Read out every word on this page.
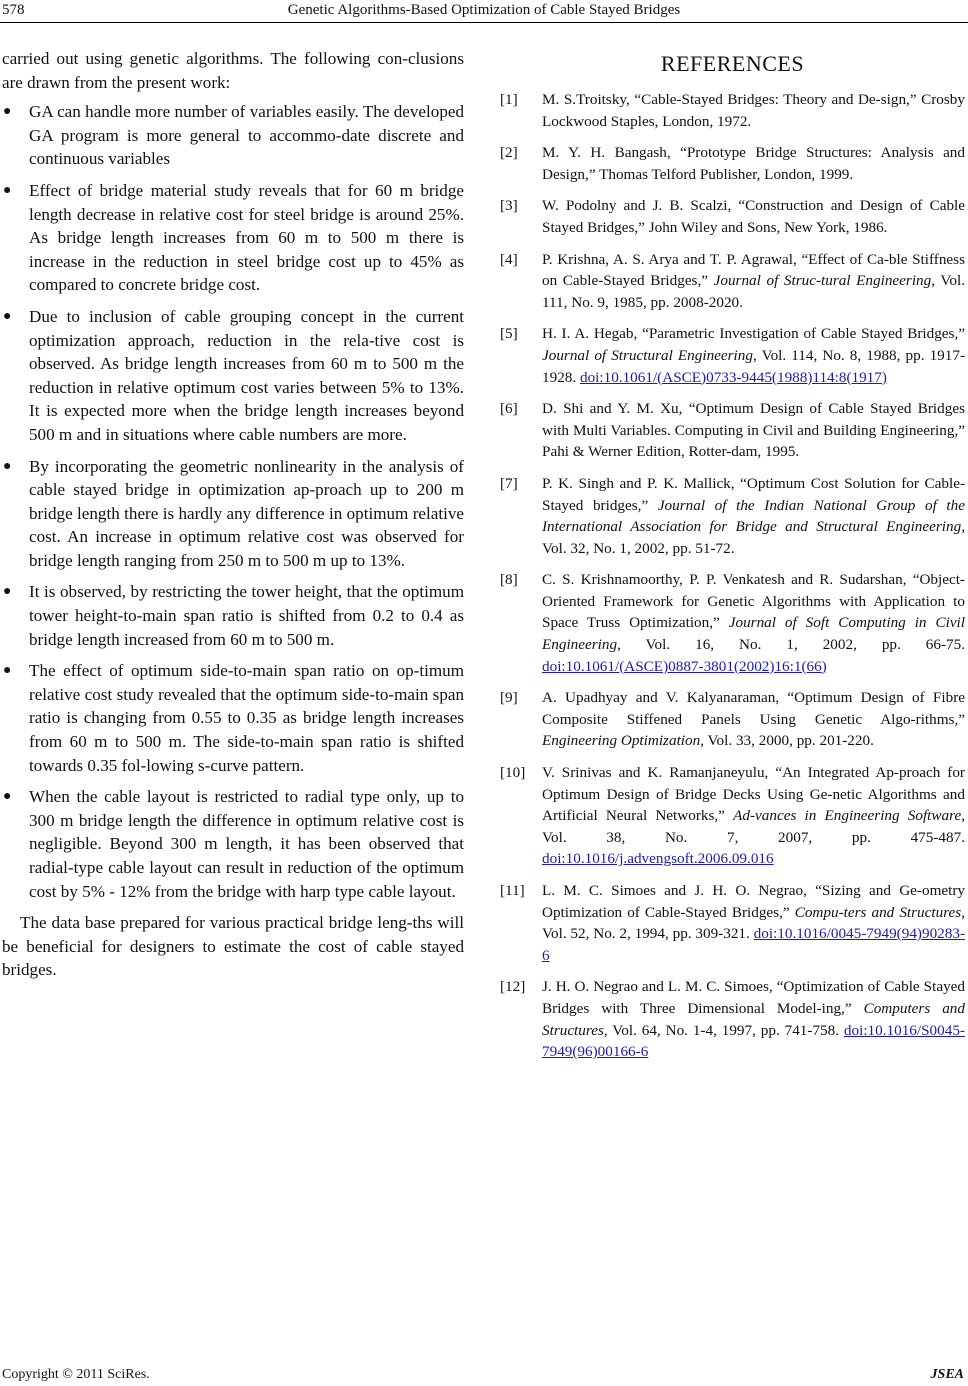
578	Genetic Algorithms-Based Optimization of Cable Stayed Bridges

carried out using genetic algorithms. The following con-clusions are drawn from the present work:

● GA can handle more number of variables easily. The developed GA program is more general to accommo-date discrete and continuous variables
● Effect of bridge material study reveals that for 60 m bridge length decrease in relative cost for steel bridge is around 25%. As bridge length increases from 60 m to 500 m there is increase in the reduction in steel bridge cost up to 45% as compared to concrete bridge cost.
● Due to inclusion of cable grouping concept in the current optimization approach, reduction in the rela-tive cost is observed. As bridge length increases from 60 m to 500 m the reduction in relative optimum cost varies between 5% to 13%. It is expected more when the bridge length increases beyond 500 m and in situations where cable numbers are more.
● By incorporating the geometric nonlinearity in the analysis of cable stayed bridge in optimization ap-proach up to 200 m bridge length there is hardly any difference in optimum relative cost. An increase in optimum relative cost was observed for bridge length ranging from 250 m to 500 m up to 13%.
● It is observed, by restricting the tower height, that the optimum tower height-to-main span ratio is shifted from 0.2 to 0.4 as bridge length increased from 60 m to 500 m.
● The effect of optimum side-to-main span ratio on op-timum relative cost study revealed that the optimum side-to-main span ratio is changing from 0.55 to 0.35 as bridge length increases from 60 m to 500 m. The side-to-main span ratio is shifted towards 0.35 fol-lowing s-curve pattern.
● When the cable layout is restricted to radial type only, up to 300 m bridge length the difference in optimum relative cost is negligible. Beyond 300 m length, it has been observed that radial-type cable layout can result in reduction of the optimum cost by 5% - 12% from the bridge with harp type cable layout.

The data base prepared for various practical bridge leng-ths will be beneficial for designers to estimate the cost of cable stayed bridges.

REFERENCES
[1] M. S.Troitsky, “Cable-Stayed Bridges: Theory and De-sign,” Crosby Lockwood Staples, London, 1972.
[2] M. Y. H. Bangash, “Prototype Bridge Structures: Analysis and Design,” Thomas Telford Publisher, London, 1999.
[3] W. Podolny and J. B. Scalzi, “Construction and Design of Cable Stayed Bridges,” John Wiley and Sons, New York, 1986.
[4] P. Krishna, A. S. Arya and T. P. Agrawal, “Effect of Ca-ble Stiffness on Cable-Stayed Bridges,” Journal of Struc-tural Engineering, Vol. 111, No. 9, 1985, pp. 2008-2020.
[5] H. I. A. Hegab, “Parametric Investigation of Cable Stayed Bridges,” Journal of Structural Engineering, Vol. 114, No. 8, 1988, pp. 1917-1928. doi:10.1061/(ASCE)0733-9445(1988)114:8(1917)
[6] D. Shi and Y. M. Xu, “Optimum Design of Cable Stayed Bridges with Multi Variables. Computing in Civil and Building Engineering,” Pahi & Werner Edition, Rotter-dam, 1995.
[7] P. K. Singh and P. K. Mallick, “Optimum Cost Solution for Cable-Stayed bridges,” Journal of the Indian National Group of the International Association for Bridge and Structural Engineering, Vol. 32, No. 1, 2002, pp. 51-72.
[8] C. S. Krishnamoorthy, P. P. Venkatesh and R. Sudarshan, “Object-Oriented Framework for Genetic Algorithms with Application to Space Truss Optimization,” Journal of Soft Computing in Civil Engineering, Vol. 16, No. 1, 2002, pp. 66-75. doi:10.1061/(ASCE)0887-3801(2002)16:1(66)
[9] A. Upadhyay and V. Kalyanaraman, “Optimum Design of Fibre Composite Stiffened Panels Using Genetic Algo-rithms,” Engineering Optimization, Vol. 33, 2000, pp. 201-220.
[10] V. Srinivas and K. Ramanjaneyulu, “An Integrated Ap-proach for Optimum Design of Bridge Decks Using Ge-netic Algorithms and Artificial Neural Networks,” Ad-vances in Engineering Software, Vol. 38, No. 7, 2007, pp. 475-487. doi:10.1016/j.advengsoft.2006.09.016
[11] L. M. C. Simoes and J. H. O. Negrao, “Sizing and Ge-ometry Optimization of Cable-Stayed Bridges,” Compu-ters and Structures, Vol. 52, No. 2, 1994, pp. 309-321. doi:10.1016/0045-7949(94)90283-6
[12] J. H. O. Negrao and L. M. C. Simoes, “Optimization of Cable Stayed Bridges with Three Dimensional Model-ing,” Computers and Structures, Vol. 64, No. 1-4, 1997, pp. 741-758. doi:10.1016/S0045-7949(96)00166-6
Copyright © 2011 SciRes.	JSEA
